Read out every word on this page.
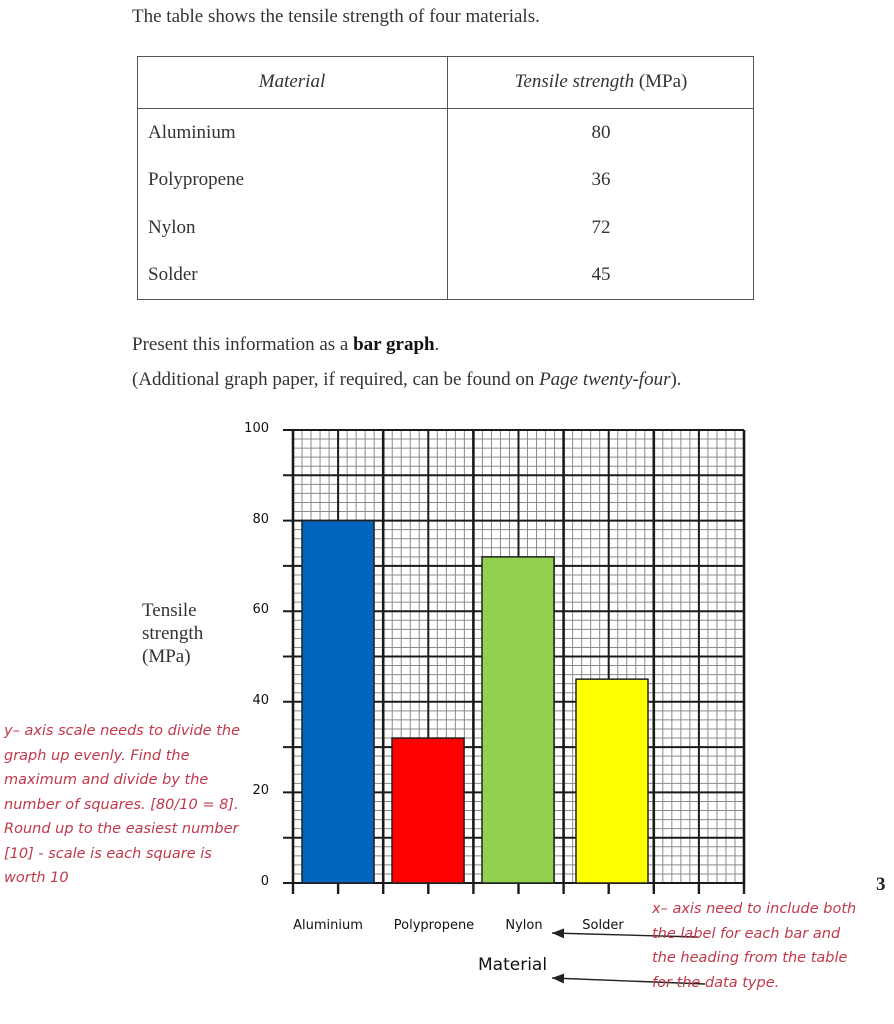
The table shows the tensile strength of four materials.
Material	Tensile strength (MPa)
Aluminium	80
Polypropene	36
Nylon	72
Solder	45
Present this information as a bar graph.
(Additional graph paper, if required, can be found on Page twenty-four).
0
20
40
60
80
100
Tensile
strength
(MPa)
Aluminium	Polypropene	Nylon	Solder
Material
y– axis scale needs to divide the graph up evenly. Find the maximum and divide by the number of squares. [80/10 = 8]. Round up to the easiest number [10] - scale is each square is worth 10
x– axis need to include both
the label for each bar and
the heading from the table
for the data type.
3
